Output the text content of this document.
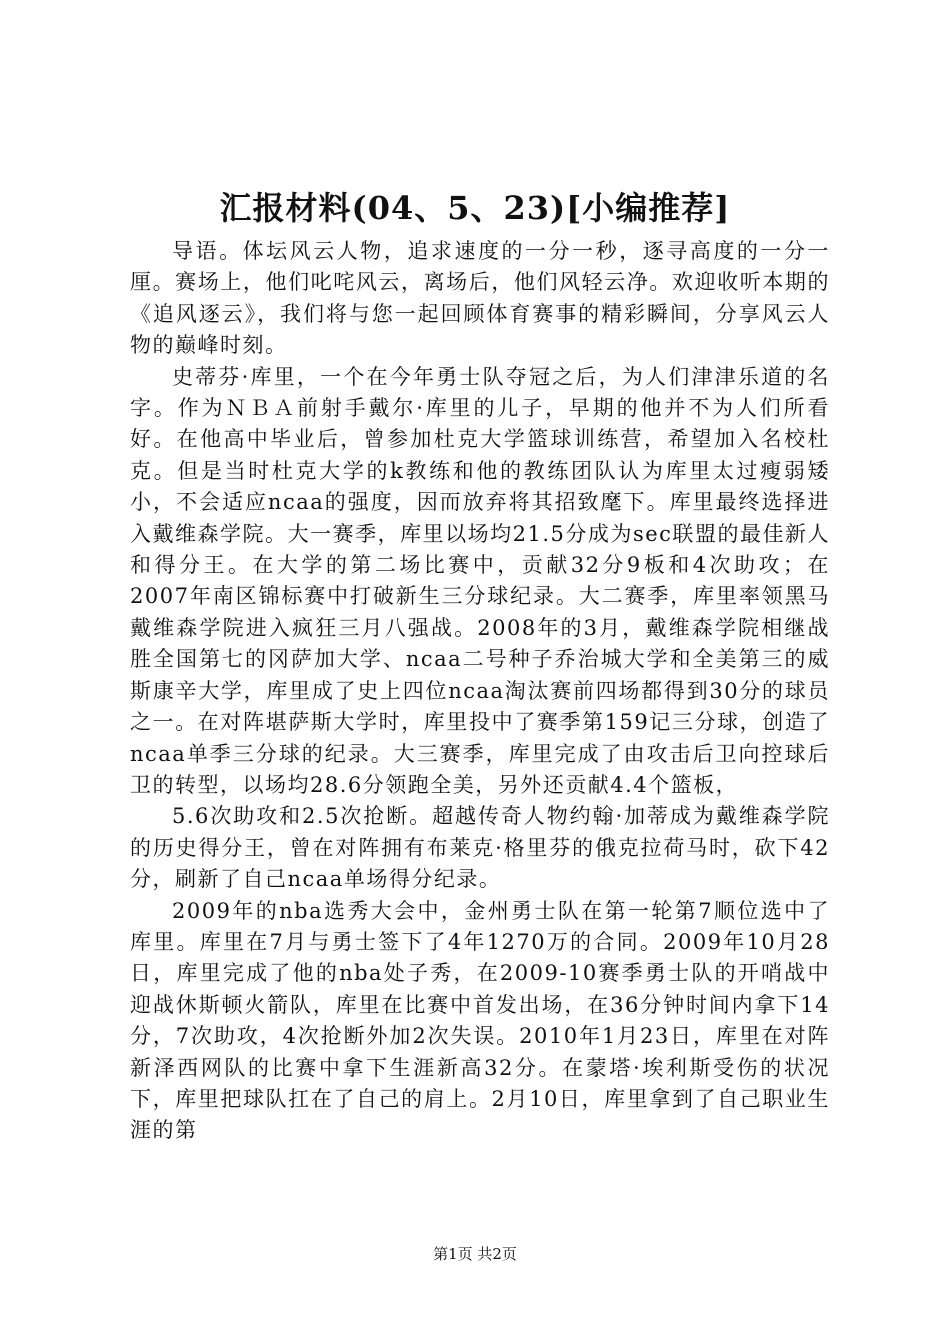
汇报材料(04、5、23)[小编推荐]

导语。体坛风云人物，追求速度的一分一秒，逐寻高度的一分一厘。赛场上，他们叱咤风云，离场后，他们风轻云净。欢迎收听本期的《追风逐云》，我们将与您一起回顾体育赛事的精彩瞬间，分享风云人物的巅峰时刻。

史蒂芬·库里，一个在今年勇士队夺冠之后，为人们津津乐道的名字。作为ＮＢＡ前射手戴尔·库里的儿子，早期的他并不为人们所看好。在他高中毕业后，曾参加杜克大学篮球训练营，希望加入名校杜克。但是当时杜克大学的k教练和他的教练团队认为库里太过瘦弱矮小，不会适应ncaa的强度，因而放弃将其招致麾下。库里最终选择进入戴维森学院。大一赛季，库里以场均21.5分成为sec联盟的最佳新人和得分王。在大学的第二场比赛中，贡献32分9板和4次助攻；在2007年南区锦标赛中打破新生三分球纪录。大二赛季，库里率领黑马戴维森学院进入疯狂三月八强战。2008年的3月，戴维森学院相继战胜全国第七的冈萨加大学、ncaa二号种子乔治城大学和全美第三的威斯康辛大学，库里成了史上四位ncaa淘汰赛前四场都得到30分的球员之一。在对阵堪萨斯大学时，库里投中了赛季第159记三分球，创造了ncaa单季三分球的纪录。大三赛季，库里完成了由攻击后卫向控球后卫的转型，以场均28.6分领跑全美，另外还贡献4.4个篮板，

5.6次助攻和2.5次抢断。超越传奇人物约翰·加蒂成为戴维森学院的历史得分王，曾在对阵拥有布莱克·格里芬的俄克拉荷马时，砍下42分，刷新了自己ncaa单场得分纪录。

2009年的nba选秀大会中，金州勇士队在第一轮第7顺位选中了库里。库里在7月与勇士签下了4年1270万的合同。2009年10月28日，库里完成了他的nba处子秀，在2009-10赛季勇士队的开哨战中迎战休斯顿火箭队，库里在比赛中首发出场，在36分钟时间内拿下14分，7次助攻，4次抢断外加2次失误。2010年1月23日，库里在对阵新泽西网队的比赛中拿下生涯新高32分。在蒙塔·埃利斯受伤的状况下，库里把球队扛在了自己的肩上。2月10日，库里拿到了自己职业生涯的第

第1页 共2页
